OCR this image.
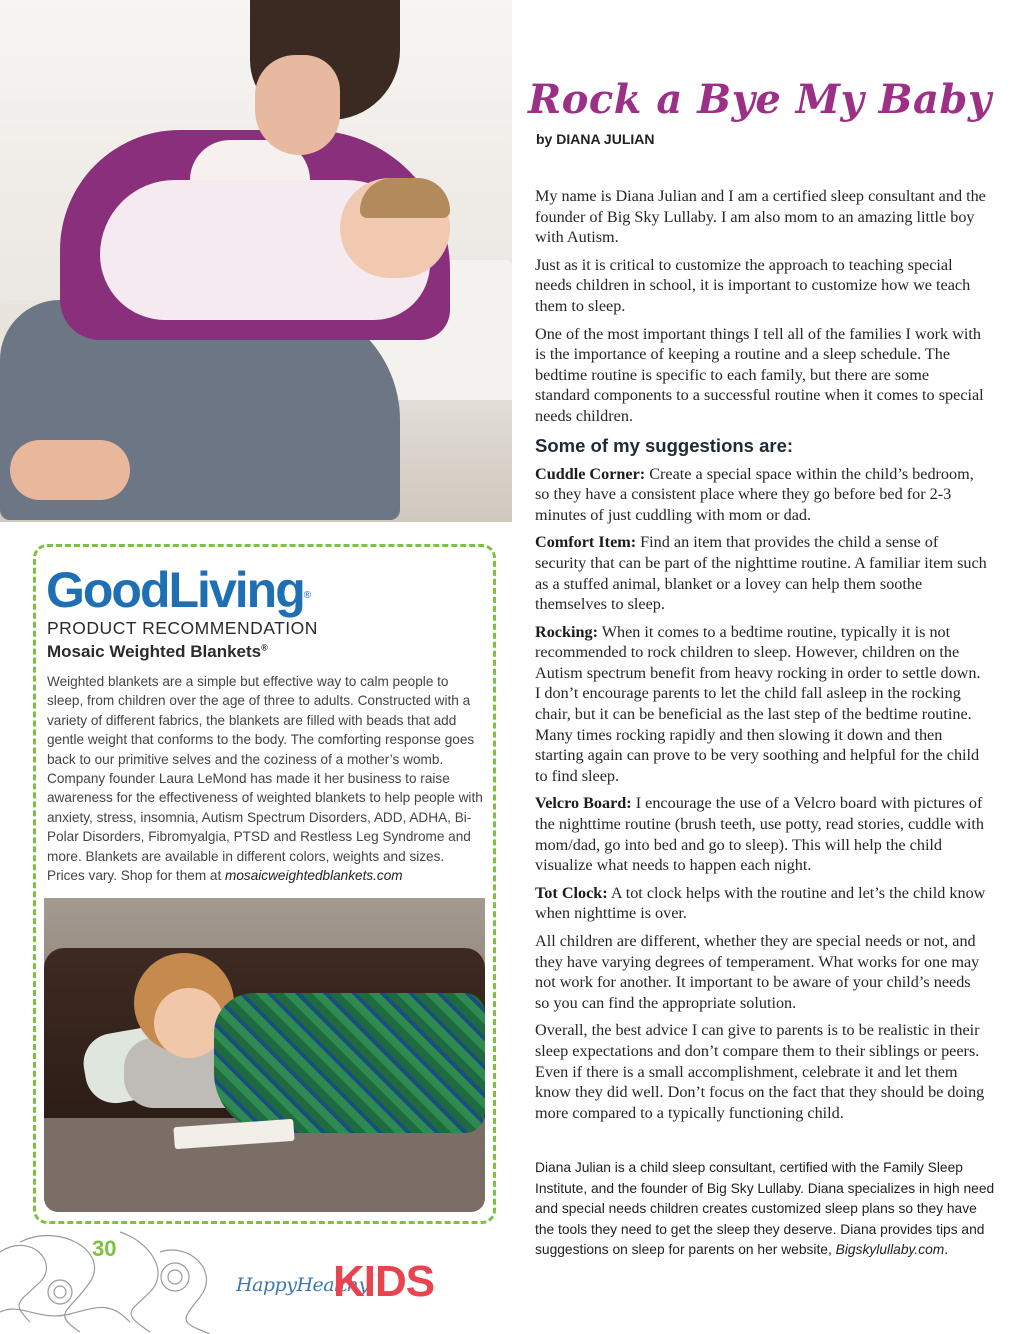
Rock a Bye My Baby
by DIANA JULIAN

My name is Diana Julian and I am a certified sleep consultant and the founder of Big Sky Lullaby. I am also mom to an amazing little boy with Autism.

Just as it is critical to customize the approach to teaching special needs children in school, it is important to customize how we teach them to sleep.

One of the most important things I tell all of the families I work with is the importance of keeping a routine and a sleep schedule. The bedtime routine is specific to each family, but there are some standard components to a successful routine when it comes to special needs children.

Some of my suggestions are:

Cuddle Corner: Create a special space within the child’s bedroom, so they have a consistent place where they go before bed for 2-3 minutes of just cuddling with mom or dad.

Comfort Item: Find an item that provides the child a sense of security that can be part of the nighttime routine. A familiar item such as a stuffed animal, blanket or a lovey can help them soothe themselves to sleep.

Rocking: When it comes to a bedtime routine, typically it is not recommended to rock children to sleep. However, children on the Autism spectrum benefit from heavy rocking in order to settle down. I don’t encourage parents to let the child fall asleep in the rocking chair, but it can be beneficial as the last step of the bedtime routine. Many times rocking rapidly and then slowing it down and then starting again can prove to be very soothing and helpful for the child to find sleep.

Velcro Board: I encourage the use of a Velcro board with pictures of the nighttime routine (brush teeth, use potty, read stories, cuddle with mom/dad, go into bed and go to sleep). This will help the child visualize what needs to happen each night.

Tot Clock: A tot clock helps with the routine and let’s the child know when nighttime is over.

All children are different, whether they are special needs or not, and they have varying degrees of temperament. What works for one may not work for another. It important to be aware of your child’s needs so you can find the appropriate solution.

Overall, the best advice I can give to parents is to be realistic in their sleep expectations and don’t compare them to their siblings or peers. Even if there is a small accomplishment, celebrate it and let them know they did well. Don’t focus on the fact that they should be doing more compared to a typically functioning child.

Diana Julian is a child sleep consultant, certified with the Family Sleep Institute, and the founder of Big Sky Lullaby. Diana specializes in high need and special needs children creates customized sleep plans so they have the tools they need to get the sleep they deserve. Diana provides tips and suggestions on sleep for parents on her website, Bigskylullaby.com.
GoodLiving®
PRODUCT RECOMMENDATION
Mosaic Weighted Blankets®
Weighted blankets are a simple but effective way to calm people to sleep, from children over the age of three to adults. Constructed with a variety of different fabrics, the blankets are filled with beads that add gentle weight that conforms to the body. The comforting response goes back to our primitive selves and the coziness of a mother’s womb. Company founder Laura LeMond has made it her business to raise awareness for the effectiveness of weighted blankets to help people with anxiety, stress, insomnia, Autism Spectrum Disorders, ADD, ADHA, Bi-Polar Disorders, Fibromyalgia, PTSD and Restless Leg Syndrome and more. Blankets are available in different colors, weights and sizes. Prices vary. Shop for them at mosaicweightedblankets.com
30
HappyHealthy
KIDS
